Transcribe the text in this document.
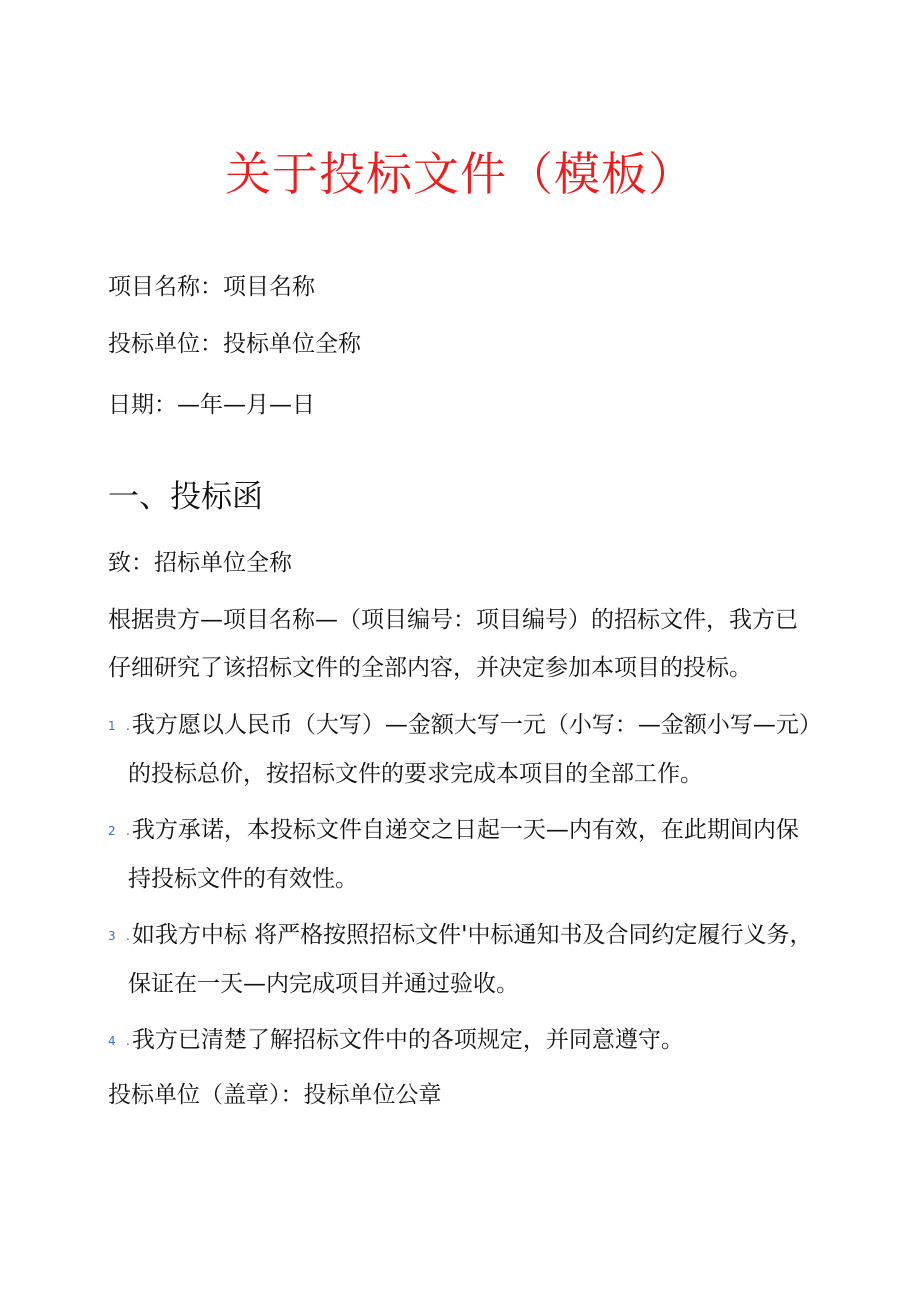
关于投标文件（模板）
项目名称：项目名称
投标单位：投标单位全称
日期：—年—月—日
一、投标函
致：招标单位全称
根据贵方—项目名称—（项目编号：项目编号）的招标文件，我方已
仔细研究了该招标文件的全部内容，并决定参加本项目的投标。
1 .我方愿以人民币（大写）—金额大写一元（小写：—金额小写—元）
的投标总价，按招标文件的要求完成本项目的全部工作。
2 .我方承诺，本投标文件自递交之日起一天—内有效，在此期间内保
持投标文件的有效性。
3 .如我方中标 将严格按照招标文件'中标通知书及合同约定履行义务，
保证在一天—内完成项目并通过验收。
4 .我方已清楚了解招标文件中的各项规定，并同意遵守。
投标单位（盖章）：投标单位公章
